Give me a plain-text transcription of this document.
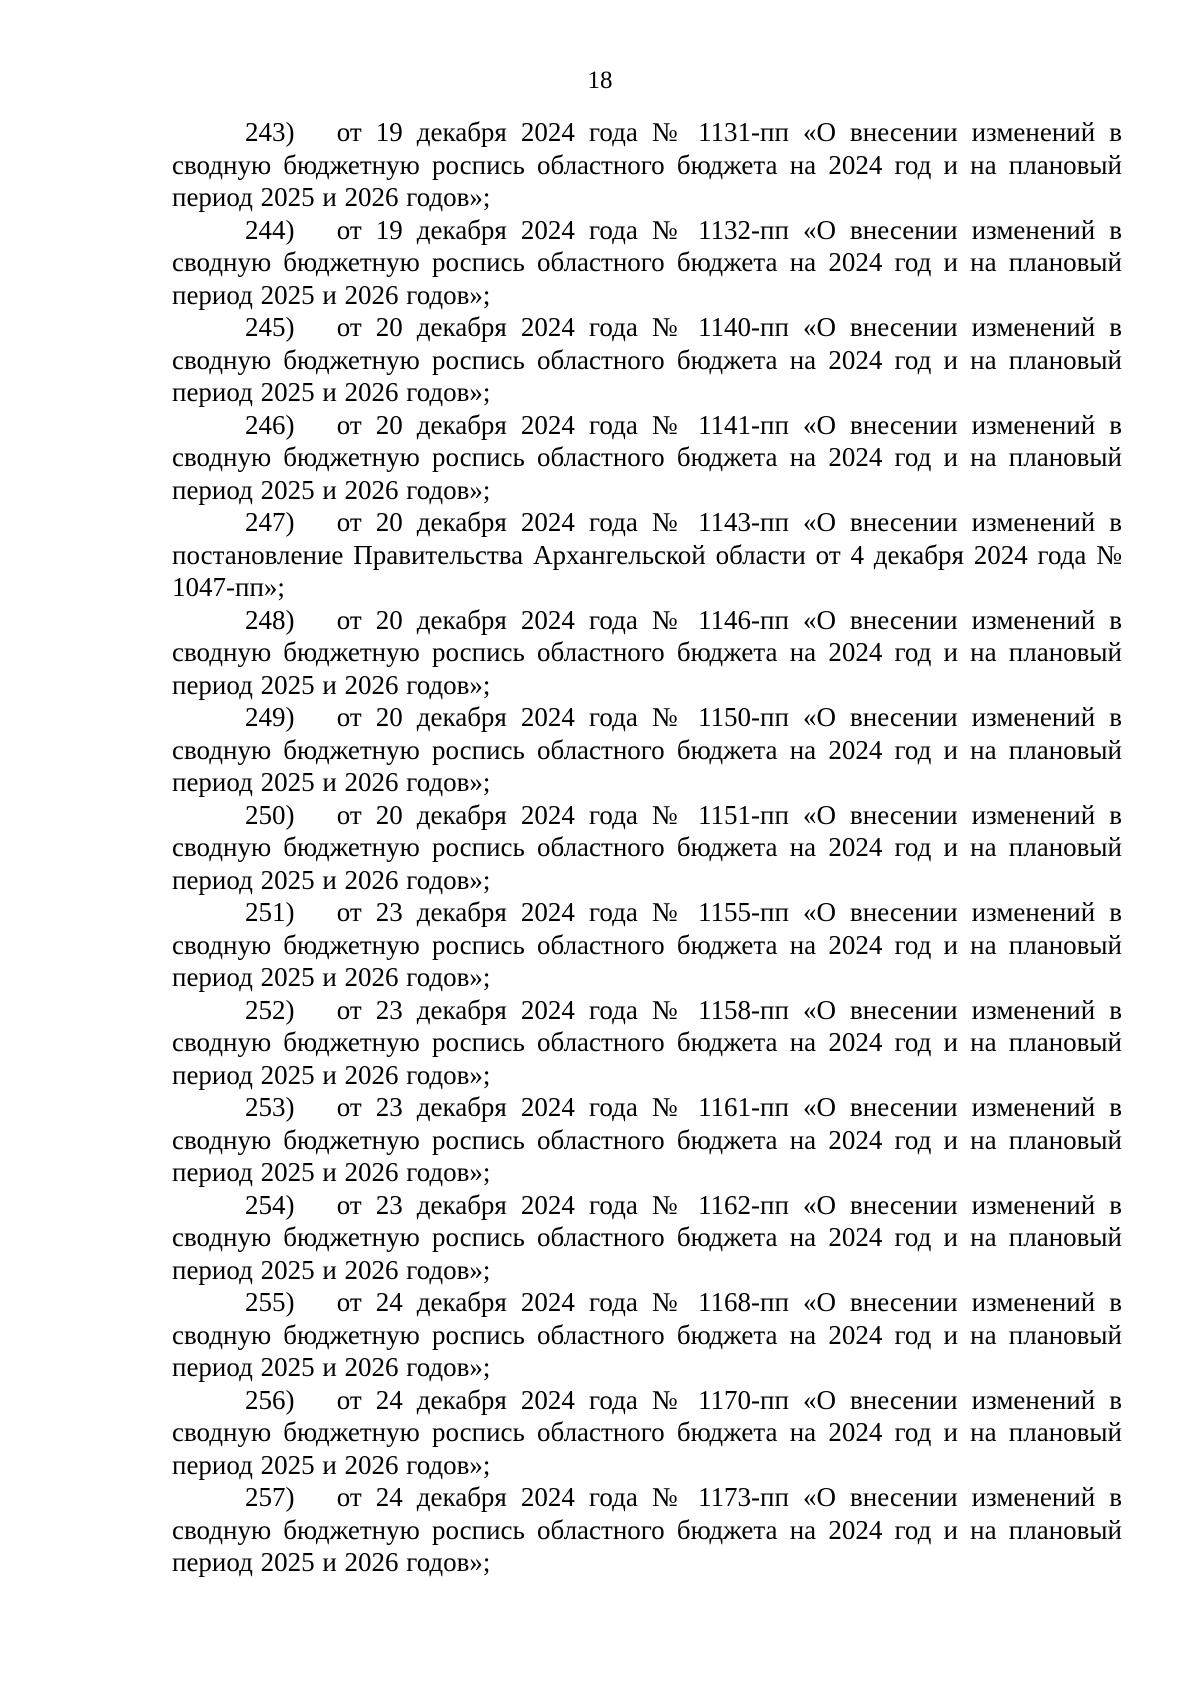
18

243) от 19 декабря 2024 года № 1131-пп «О внесении изменений в сводную бюджетную роспись областного бюджета на 2024 год и на плановый период 2025 и 2026 годов»;

244) от 19 декабря 2024 года № 1132-пп «О внесении изменений в сводную бюджетную роспись областного бюджета на 2024 год и на плановый период 2025 и 2026 годов»;

245) от 20 декабря 2024 года № 1140-пп «О внесении изменений в сводную бюджетную роспись областного бюджета на 2024 год и на плановый период 2025 и 2026 годов»;

246) от 20 декабря 2024 года № 1141-пп «О внесении изменений в сводную бюджетную роспись областного бюджета на 2024 год и на плановый период 2025 и 2026 годов»;

247) от 20 декабря 2024 года № 1143-пп «О внесении изменений в постановление Правительства Архангельской области от 4 декабря 2024 года № 1047-пп»;

248) от 20 декабря 2024 года № 1146-пп «О внесении изменений в сводную бюджетную роспись областного бюджета на 2024 год и на плановый период 2025 и 2026 годов»;

249) от 20 декабря 2024 года № 1150-пп «О внесении изменений в сводную бюджетную роспись областного бюджета на 2024 год и на плановый период 2025 и 2026 годов»;

250) от 20 декабря 2024 года № 1151-пп «О внесении изменений в сводную бюджетную роспись областного бюджета на 2024 год и на плановый период 2025 и 2026 годов»;

251) от 23 декабря 2024 года № 1155-пп «О внесении изменений в сводную бюджетную роспись областного бюджета на 2024 год и на плановый период 2025 и 2026 годов»;

252) от 23 декабря 2024 года № 1158-пп «О внесении изменений в сводную бюджетную роспись областного бюджета на 2024 год и на плановый период 2025 и 2026 годов»;

253) от 23 декабря 2024 года № 1161-пп «О внесении изменений в сводную бюджетную роспись областного бюджета на 2024 год и на плановый период 2025 и 2026 годов»;

254) от 23 декабря 2024 года № 1162-пп «О внесении изменений в сводную бюджетную роспись областного бюджета на 2024 год и на плановый период 2025 и 2026 годов»;

255) от 24 декабря 2024 года № 1168-пп «О внесении изменений в сводную бюджетную роспись областного бюджета на 2024 год и на плановый период 2025 и 2026 годов»;

256) от 24 декабря 2024 года № 1170-пп «О внесении изменений в сводную бюджетную роспись областного бюджета на 2024 год и на плановый период 2025 и 2026 годов»;

257) от 24 декабря 2024 года № 1173-пп «О внесении изменений в сводную бюджетную роспись областного бюджета на 2024 год и на плановый период 2025 и 2026 годов»;
